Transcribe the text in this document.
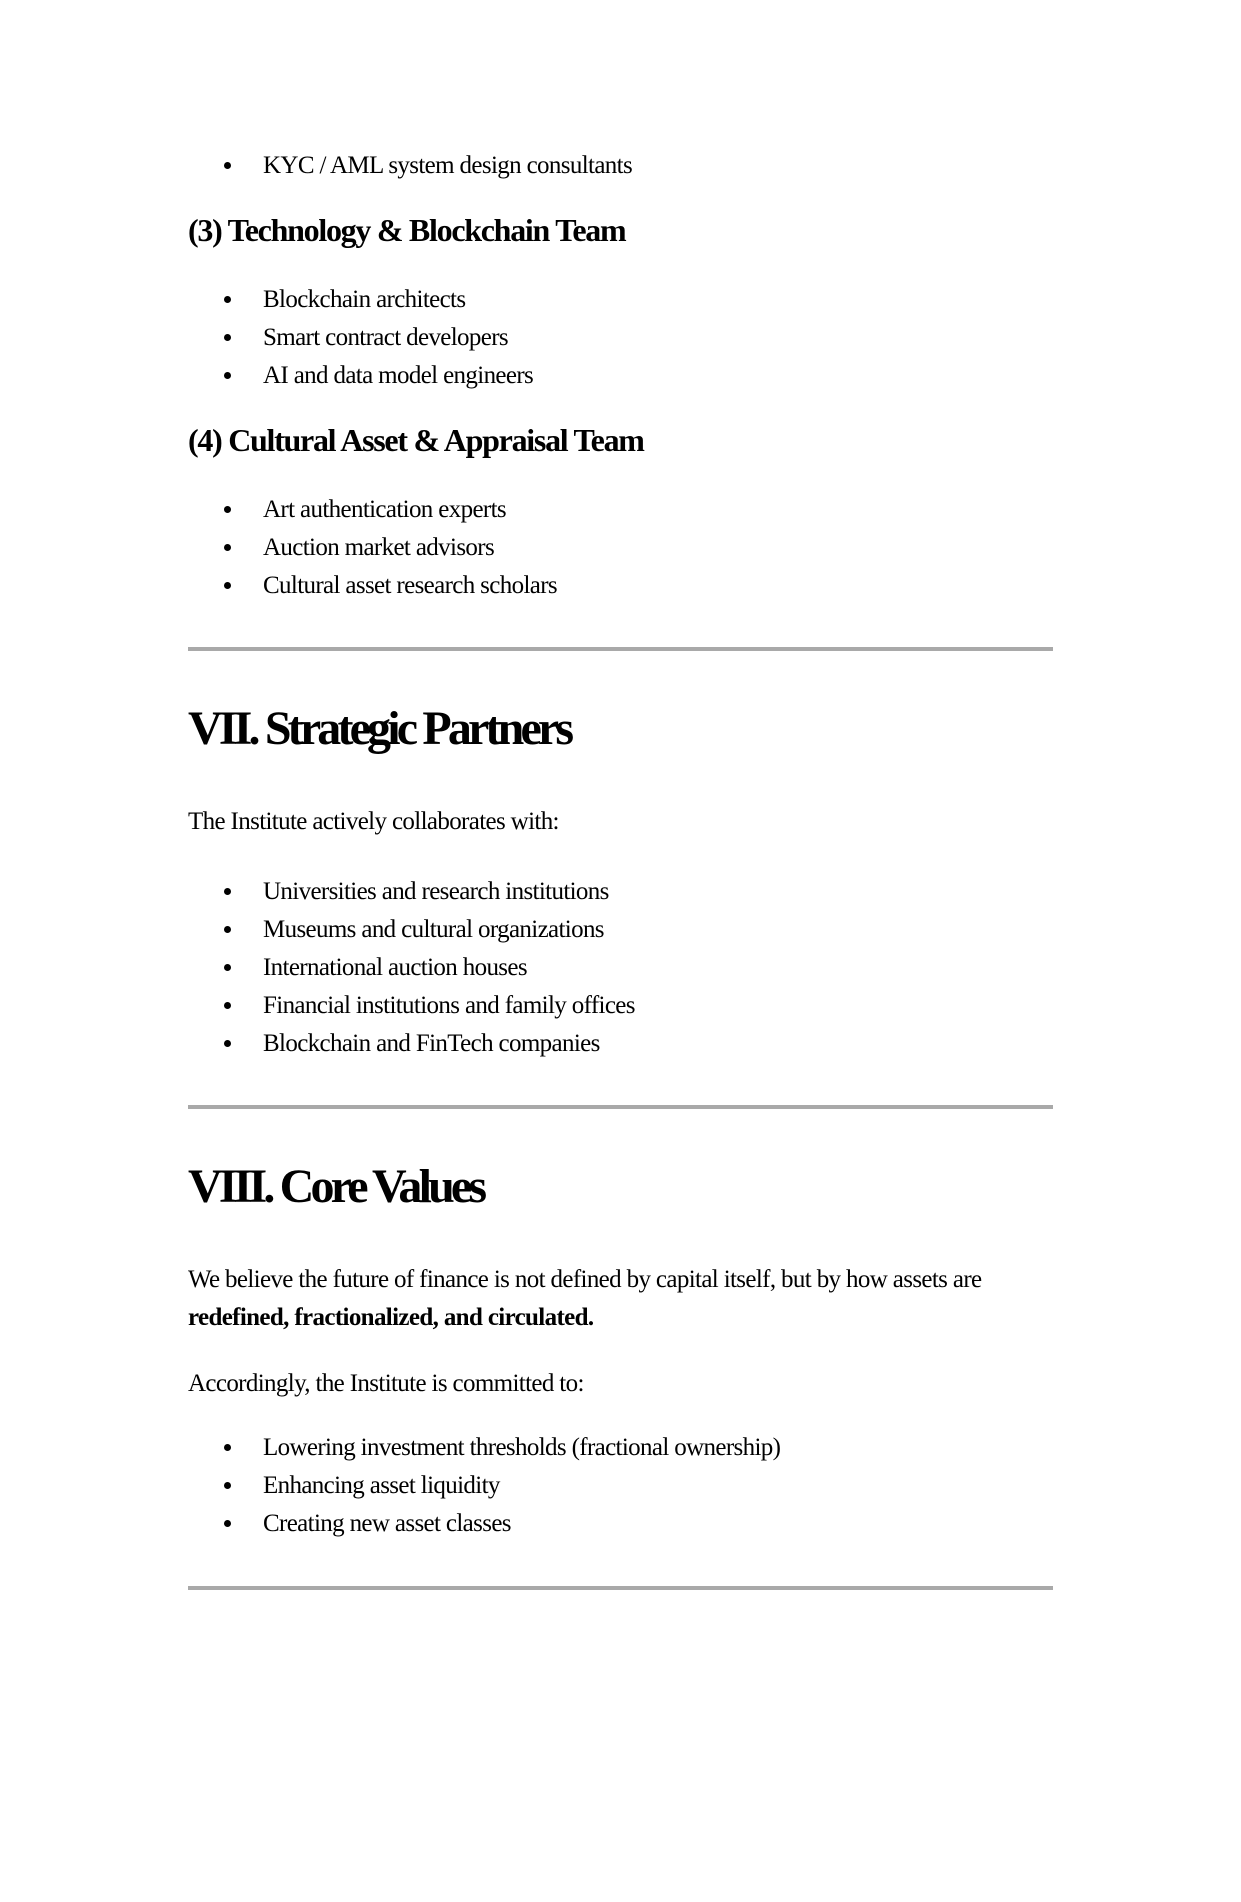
KYC / AML system design consultants
(3) Technology & Blockchain Team
Blockchain architects
Smart contract developers
AI and data model engineers
(4) Cultural Asset & Appraisal Team
Art authentication experts
Auction market advisors
Cultural asset research scholars
VII. Strategic Partners

The Institute actively collaborates with:

Universities and research institutions
Museums and cultural organizations
International auction houses
Financial institutions and family offices
Blockchain and FinTech companies
VIII. Core Values

We believe the future of finance is not defined by capital itself, but by how assets are
redefined, fractionalized, and circulated.

Accordingly, the Institute is committed to:

Lowering investment thresholds (fractional ownership)
Enhancing asset liquidity
Creating new asset classes
